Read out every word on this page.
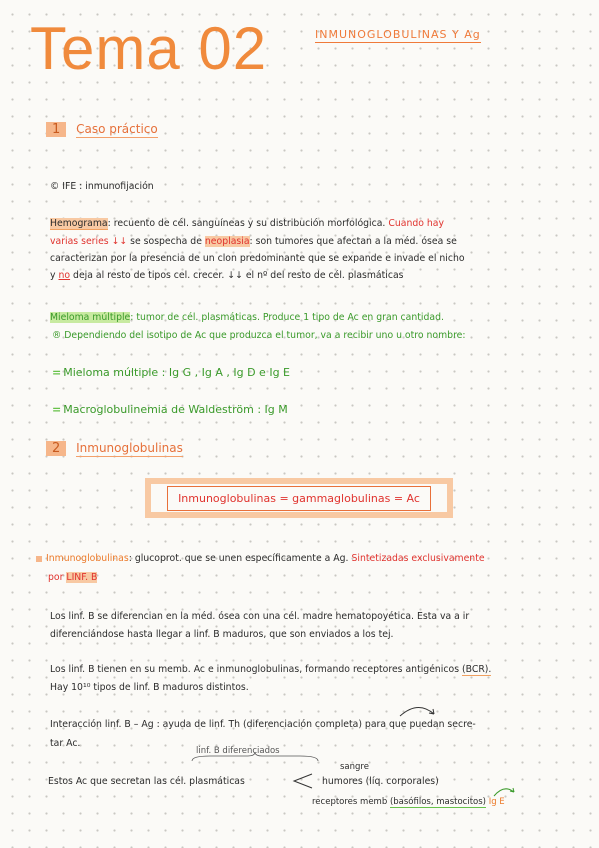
Tema 02	INMUNOGLOBULINAS Y Ag
1 Caso práctico
© IFE : inmunofijación
Hemograma: recuento de cél. sanguíneas y su distribución morfológica. Cuando hay
varias series ↓↓ se sospecha de neoplasia: son tumores que afectan a la méd. ósea se
caracterizan por la presencia de un clon predominante que se expande e invade el nicho
y no deja al resto de tipos cel. crecer. ↓↓ el nº del resto de cél. plasmáticas
Mieloma múltiple: tumor de cél. plasmáticas. Produce 1 tipo de Ac en gran cantidad.
® Dependiendo del isotipo de Ac que produzca el tumor, va a recibir uno u otro nombre:
= Mieloma múltiple : Ig G , Ig A , Ig D e Ig E
= Macroglobulinemia de Waldeström : Ig M
2 Inmunoglobulinas
Inmunoglobulinas = gammaglobulinas = Ac
Inmunoglobulinas: glucoprot. que se unen específicamente a Ag. Sintetizadas exclusivamente
por LINF. B
Los linf. B se diferencian en la méd. ósea con una cél. madre hematopoyética. Esta va a ir
diferenciándose hasta llegar a linf. B maduros, que son enviados a los tej.
Los linf. B tienen en su memb. Ac e inmunoglobulinas, formando receptores antigénicos (BCR).
Hay 10¹⁰ tipos de linf. B maduros distintos.
Interacción linf. B – Ag : ayuda de linf. Th (diferenciación completa) para que puedan secre-
tar Ac.
linf. B diferenciados
sangre
Estos Ac que secretan las cél. plasmáticas	humores (líq. corporales)
receptores memb (basófilos, mastocitos) Ig E
